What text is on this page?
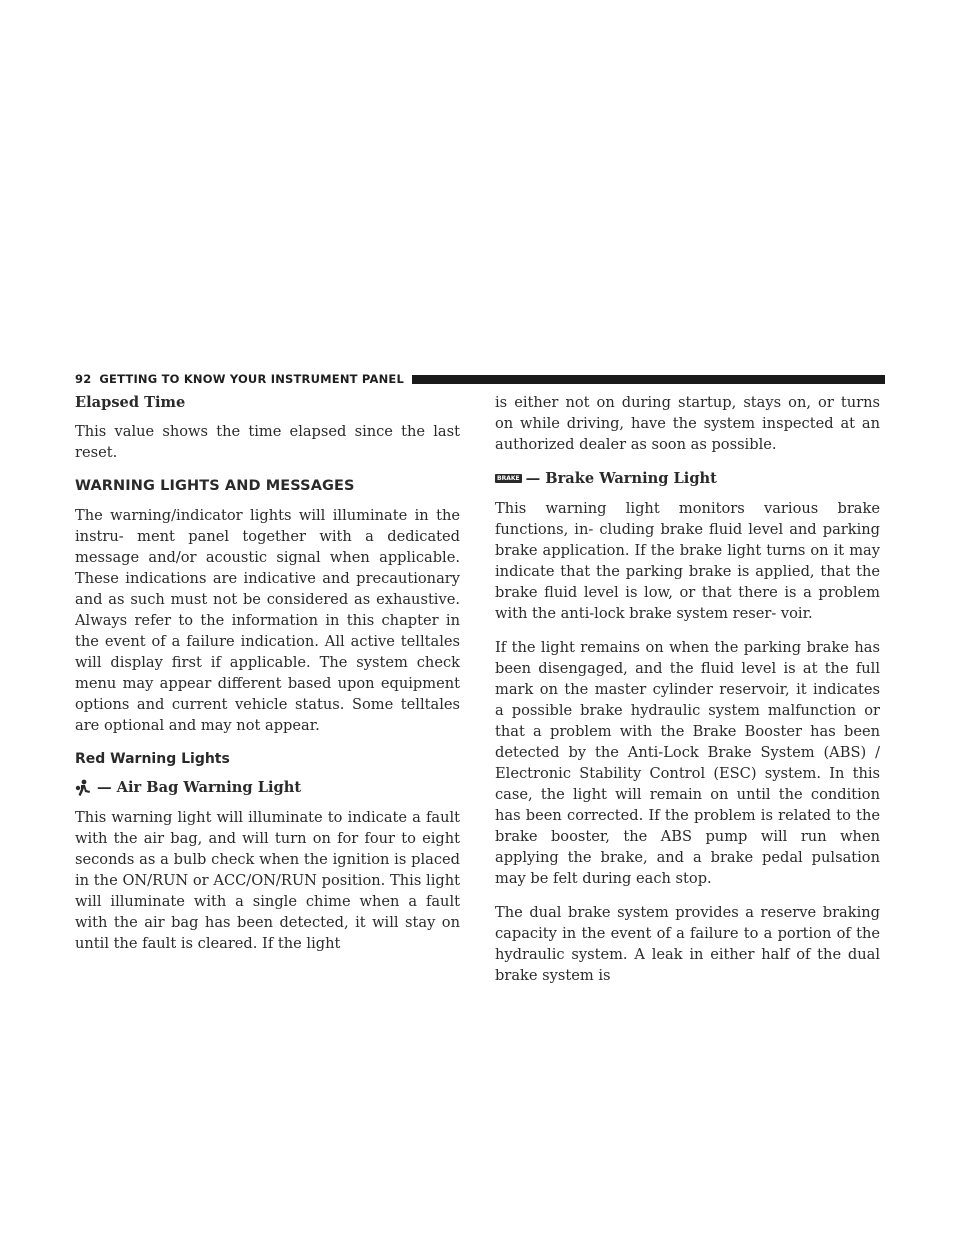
92 GETTING TO KNOW YOUR INSTRUMENT PANEL
Elapsed Time

This value shows the time elapsed since the last reset.

WARNING LIGHTS AND MESSAGES

The warning/indicator lights will illuminate in the instru- ment panel together with a dedicated message and/or acoustic signal when applicable. These indications are indicative and precautionary and as such must not be considered as exhaustive. Always refer to the information in this chapter in the event of a failure indication. All active telltales will display first if applicable. The system check menu may appear different based upon equipment options and current vehicle status. Some telltales are optional and may not appear.

Red Warning Lights
— Air Bag Warning Light

This warning light will illuminate to indicate a fault with the air bag, and will turn on for four to eight seconds as a bulb check when the ignition is placed in the ON/RUN or ACC/ON/RUN position. This light will illuminate with a single chime when a fault with the air bag has been detected, it will stay on until the fault is cleared. If the light

is either not on during startup, stays on, or turns on while driving, have the system inspected at an authorized dealer as soon as possible.

BRAKE — Brake Warning Light

This warning light monitors various brake functions, in- cluding brake fluid level and parking brake application. If the brake light turns on it may indicate that the parking brake is applied, that the brake fluid level is low, or that there is a problem with the anti-lock brake system reser- voir.

If the light remains on when the parking brake has been disengaged, and the fluid level is at the full mark on the master cylinder reservoir, it indicates a possible brake hydraulic system malfunction or that a problem with the Brake Booster has been detected by the Anti-Lock Brake System (ABS) / Electronic Stability Control (ESC) system. In this case, the light will remain on until the condition has been corrected. If the problem is related to the brake booster, the ABS pump will run when applying the brake, and a brake pedal pulsation may be felt during each stop.

The dual brake system provides a reserve braking capacity in the event of a failure to a portion of the hydraulic system. A leak in either half of the dual brake system is
